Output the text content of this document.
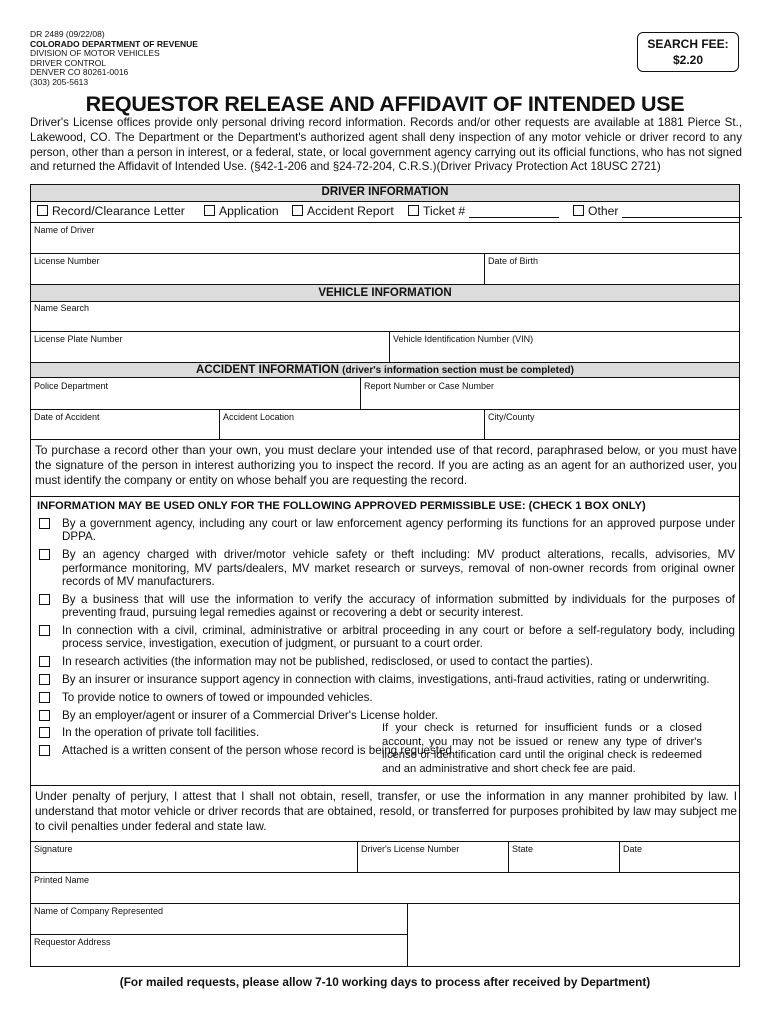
DR 2489 (09/22/08)
COLORADO DEPARTMENT OF REVENUE
DIVISION OF MOTOR VEHICLES
DRIVER CONTROL
DENVER CO 80261-0016
(303) 205-5613
SEARCH FEE:
$2.20
REQUESTOR RELEASE AND AFFIDAVIT OF INTENDED USE
Driver's License offices provide only personal driving record information. Records and/or other requests are available at 1881 Pierce St., Lakewood, CO. The Department or the Department's authorized agent shall deny inspection of any motor vehicle or driver record to any person, other than a person in interest, or a federal, state, or local government agency carrying out its official functions, who has not signed and returned the Affidavit of Intended Use. (§42-1-206 and §24-72-204, C.R.S.)(Driver Privacy Protection Act 18USC 2721)
DRIVER INFORMATION
Record/Clearance Letter	Application	Accident Report	Ticket #	Other
Name of Driver
License Number	Date of Birth
VEHICLE INFORMATION
Name Search
License Plate Number	Vehicle Identification Number (VIN)
ACCIDENT INFORMATION (driver's information section must be completed)
Police Department	Report Number or Case Number
Date of Accident	Accident Location	City/County
To purchase a record other than your own, you must declare your intended use of that record, paraphrased below, or you must have the signature of the person in interest authorizing you to inspect the record. If you are acting as an agent for an authorized user, you must identify the company or entity on whose behalf you are requesting the record.
INFORMATION MAY BE USED ONLY FOR THE FOLLOWING APPROVED PERMISSIBLE USE: (CHECK 1 BOX ONLY)
By a government agency, including any court or law enforcement agency performing its functions for an approved purpose under DPPA.
By an agency charged with driver/motor vehicle safety or theft including: MV product alterations, recalls, advisories, MV performance monitoring, MV parts/dealers, MV market research or surveys, removal of non-owner records from original owner records of MV manufacturers.
By a business that will use the information to verify the accuracy of information submitted by individuals for the purposes of preventing fraud, pursuing legal remedies against or recovering a debt or security interest.
In connection with a civil, criminal, administrative or arbitral proceeding in any court or before a self-regulatory body, including process service, investigation, execution of judgment, or pursuant to a court order.
In research activities (the information may not be published, redisclosed, or used to contact the parties).
By an insurer or insurance support agency in connection with claims, investigations, anti-fraud activities, rating or underwriting.
To provide notice to owners of towed or impounded vehicles.
By an employer/agent or insurer of a Commercial Driver's License holder.
In the operation of private toll facilities.
Attached is a written consent of the person whose record is being requested.
Under penalty of perjury, I attest that I shall not obtain, resell, transfer, or use the information in any manner prohibited by law. I understand that motor vehicle or driver records that are obtained, resold, or transferred for purposes prohibited by law may subject me to civil penalties under federal and state law.
Signature	Driver's License Number	State	Date
Printed Name
Name of Company Represented
Requestor Address
If your check is returned for insufficient funds or a closed account, you may not be issued or renew any type of driver's license or identification card until the original check is redeemed and an administrative and short check fee are paid.
(For mailed requests, please allow 7-10 working days to process after received by Department)
